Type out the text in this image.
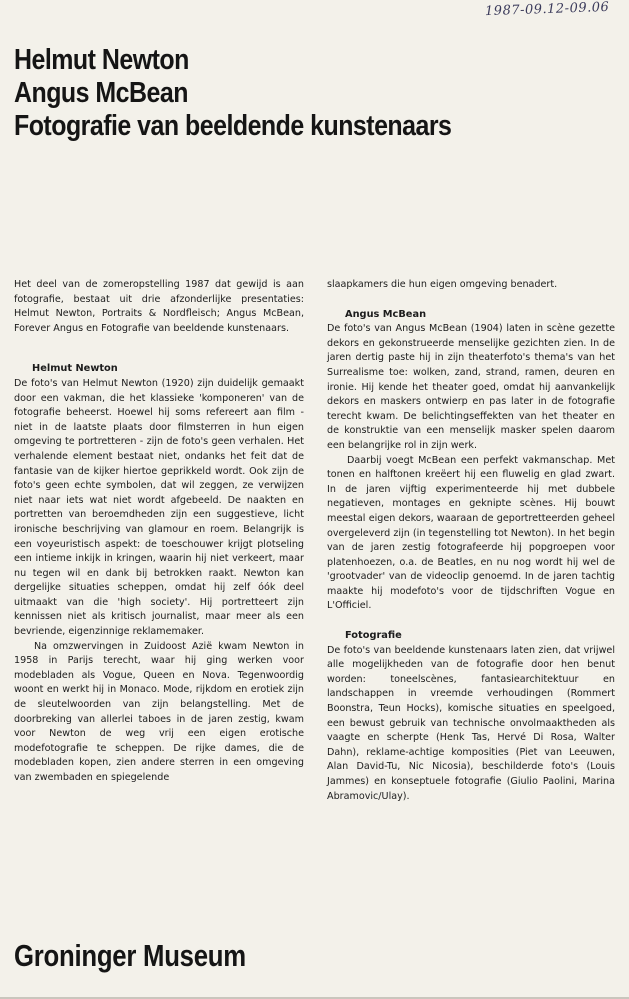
1987-09.12-09.06
Helmut Newton
Angus McBean
Fotografie van beeldende kunstenaars

Het deel van de zomeropstelling 1987 dat gewijd is aan fotografie, bestaat uit drie afzonderlijke presentaties: Helmut Newton, Portraits & Nordfleisch; Angus McBean, Forever Angus en Fotografie van beeldende kunstenaars.

Helmut Newton

De foto's van Helmut Newton (1920) zijn duidelijk gemaakt door een vakman, die het klassieke 'komponeren' van de fotografie beheerst. Hoewel hij soms refereert aan film - niet in de laatste plaats door filmsterren in hun eigen omgeving te portretteren - zijn de foto's geen verhalen. Het verhalende element bestaat niet, ondanks het feit dat de fantasie van de kijker hiertoe geprikkeld wordt. Ook zijn de foto's geen echte symbolen, dat wil zeggen, ze verwijzen niet naar iets wat niet wordt afgebeeld. De naakten en portretten van beroemdheden zijn een suggestieve, licht ironische beschrijving van glamour en roem. Belangrijk is een voyeuristisch aspekt: de toeschouwer krijgt plotseling een intieme inkijk in kringen, waarin hij niet verkeert, maar nu tegen wil en dank bij betrokken raakt. Newton kan dergelijke situaties scheppen, omdat hij zelf óók deel uitmaakt van die 'high society'. Hij portretteert zijn kennissen niet als kritisch journalist, maar meer als een bevriende, eigenzinnige reklamemaker.

Na omzwervingen in Zuidoost Azië kwam Newton in 1958 in Parijs terecht, waar hij ging werken voor modebladen als Vogue, Queen en Nova. Tegenwoordig woont en werkt hij in Monaco. Mode, rijkdom en erotiek zijn de sleutelwoorden van zijn belangstelling. Met de doorbreking van allerlei taboes in de jaren zestig, kwam voor Newton de weg vrij een eigen erotische modefotografie te scheppen. De rijke dames, die de modebladen kopen, zien andere sterren in een omgeving van zwembaden en spiegelende

slaapkamers die hun eigen omgeving benadert.

Angus McBean

De foto's van Angus McBean (1904) laten in scène gezette dekors en gekonstrueerde menselijke gezichten zien. In de jaren dertig paste hij in zijn theaterfoto's thema's van het Surrealisme toe: wolken, zand, strand, ramen, deuren en ironie. Hij kende het theater goed, omdat hij aanvankelijk dekors en maskers ontwierp en pas later in de fotografie terecht kwam. De belichtingseffekten van het theater en de konstruktie van een menselijk masker spelen daarom een belangrijke rol in zijn werk.

Daarbij voegt McBean een perfekt vakmanschap. Met tonen en halftonen kreëert hij een fluwelig en glad zwart. In de jaren vijftig experimenteerde hij met dubbele negatieven, montages en geknipte scènes. Hij bouwt meestal eigen dekors, waaraan de geportretteerden geheel overgeleverd zijn (in tegenstelling tot Newton). In het begin van de jaren zestig fotografeerde hij popgroepen voor platenhoezen, o.a. de Beatles, en nu nog wordt hij wel de 'grootvader' van de videoclip genoemd. In de jaren tachtig maakte hij modefoto's voor de tijdschriften Vogue en L'Officiel.

Fotografie

De foto's van beeldende kunstenaars laten zien, dat vrijwel alle mogelijkheden van de fotografie door hen benut worden: toneelscènes, fantasiearchitektuur en landschappen in vreemde verhoudingen (Rommert Boonstra, Teun Hocks), komische situaties en speelgoed, een bewust gebruik van technische onvolmaaktheden als vaagte en scherpte (Henk Tas, Hervé Di Rosa, Walter Dahn), reklame-achtige komposities (Piet van Leeuwen, Alan David-Tu, Nic Nicosia), beschilderde foto's (Louis Jammes) en konseptuele fotografie (Giulio Paolini, Marina Abramovic/Ulay).

Groninger Museum
